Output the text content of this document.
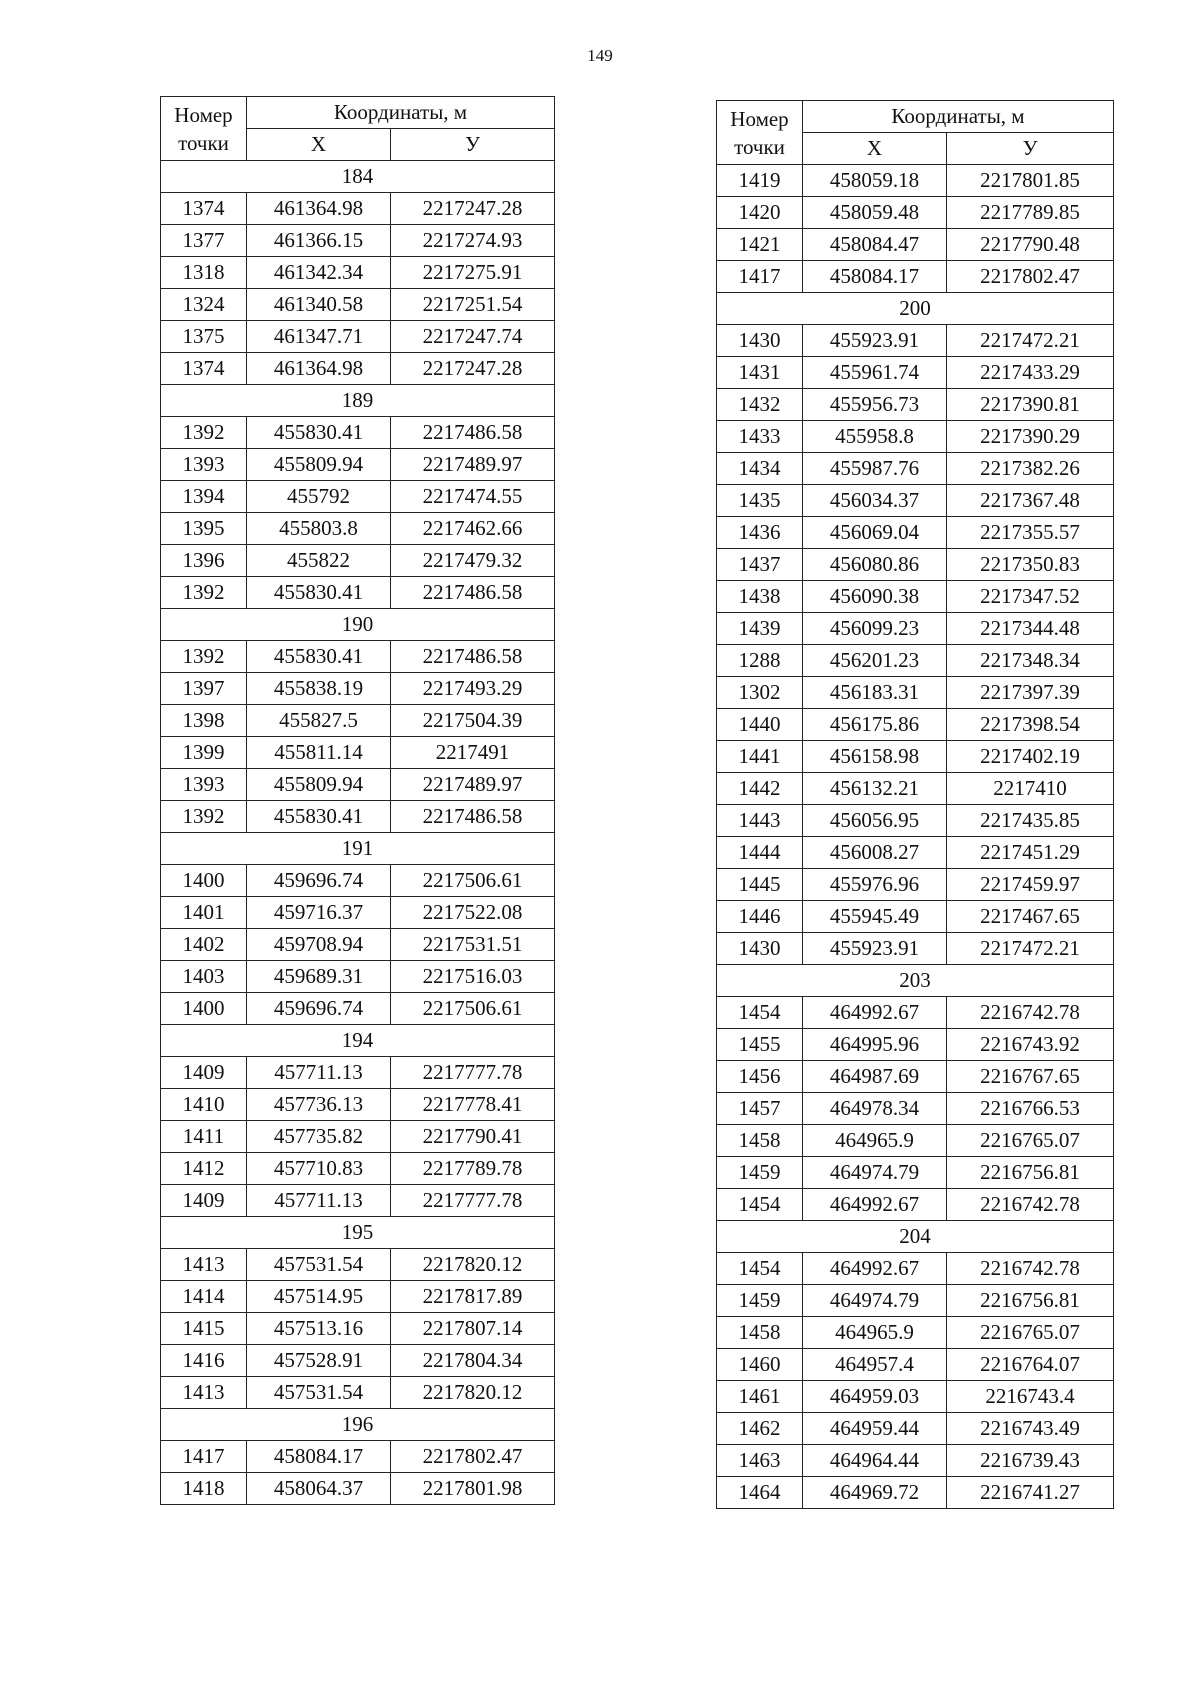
149
Номер
точки	Координаты, м	
	Х	У
184		
1374	461364.98	2217247.28
1377	461366.15	2217274.93
1318	461342.34	2217275.91
1324	461340.58	2217251.54
1375	461347.71	2217247.74
1374	461364.98	2217247.28
189		
1392	455830.41	2217486.58
1393	455809.94	2217489.97
1394	455792	2217474.55
1395	455803.8	2217462.66
1396	455822	2217479.32
1392	455830.41	2217486.58
190		
1392	455830.41	2217486.58
1397	455838.19	2217493.29
1398	455827.5	2217504.39
1399	455811.14	2217491
1393	455809.94	2217489.97
1392	455830.41	2217486.58
191		
1400	459696.74	2217506.61
1401	459716.37	2217522.08
1402	459708.94	2217531.51
1403	459689.31	2217516.03
1400	459696.74	2217506.61
194		
1409	457711.13	2217777.78
1410	457736.13	2217778.41
1411	457735.82	2217790.41
1412	457710.83	2217789.78
1409	457711.13	2217777.78
195		
1413	457531.54	2217820.12
1414	457514.95	2217817.89
1415	457513.16	2217807.14
1416	457528.91	2217804.34
1413	457531.54	2217820.12
196		
1417	458084.17	2217802.47
1418	458064.37	2217801.98
Номер
точки	Координаты, м	
	Х	У
1419	458059.18	2217801.85
1420	458059.48	2217789.85
1421	458084.47	2217790.48
1417	458084.17	2217802.47
200		
1430	455923.91	2217472.21
1431	455961.74	2217433.29
1432	455956.73	2217390.81
1433	455958.8	2217390.29
1434	455987.76	2217382.26
1435	456034.37	2217367.48
1436	456069.04	2217355.57
1437	456080.86	2217350.83
1438	456090.38	2217347.52
1439	456099.23	2217344.48
1288	456201.23	2217348.34
1302	456183.31	2217397.39
1440	456175.86	2217398.54
1441	456158.98	2217402.19
1442	456132.21	2217410
1443	456056.95	2217435.85
1444	456008.27	2217451.29
1445	455976.96	2217459.97
1446	455945.49	2217467.65
1430	455923.91	2217472.21
203		
1454	464992.67	2216742.78
1455	464995.96	2216743.92
1456	464987.69	2216767.65
1457	464978.34	2216766.53
1458	464965.9	2216765.07
1459	464974.79	2216756.81
1454	464992.67	2216742.78
204		
1454	464992.67	2216742.78
1459	464974.79	2216756.81
1458	464965.9	2216765.07
1460	464957.4	2216764.07
1461	464959.03	2216743.4
1462	464959.44	2216743.49
1463	464964.44	2216739.43
1464	464969.72	2216741.27
